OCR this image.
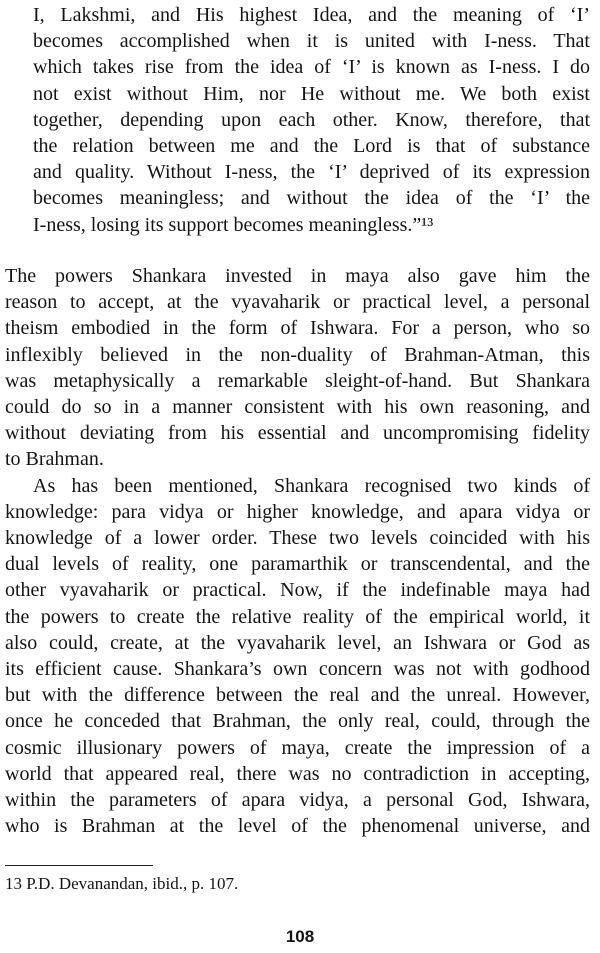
I, Lakshmi, and His highest Idea, and the meaning of ‘I’
becomes accomplished when it is united with I-ness. That
which takes rise from the idea of ‘I’ is known as I-ness. I do
not exist without Him, nor He without me. We both exist
together, depending upon each other. Know, therefore, that
the relation between me and the Lord is that of substance
and quality. Without I-ness, the ‘I’ deprived of its expression
becomes meaningless; and without the idea of the ‘I’ the
I-ness, losing its support becomes meaningless.”¹³
The powers Shankara invested in maya also gave him the
reason to accept, at the vyavaharik or practical level, a personal
theism embodied in the form of Ishwara. For a person, who so
inflexibly believed in the non-duality of Brahman-Atman, this
was metaphysically a remarkable sleight-of-hand. But Shankara
could do so in a manner consistent with his own reasoning, and
without deviating from his essential and uncompromising fidelity
to Brahman.
As has been mentioned, Shankara recognised two kinds of
knowledge: para vidya or higher knowledge, and apara vidya or
knowledge of a lower order. These two levels coincided with his
dual levels of reality, one paramarthik or transcendental, and the
other vyavaharik or practical. Now, if the indefinable maya had
the powers to create the relative reality of the empirical world, it
also could, create, at the vyavaharik level, an Ishwara or God as
its efficient cause. Shankara’s own concern was not with godhood
but with the difference between the real and the unreal. However,
once he conceded that Brahman, the only real, could, through the
cosmic illusionary powers of maya, create the impression of a
world that appeared real, there was no contradiction in accepting,
within the parameters of apara vidya, a personal God, Ishwara,
who is Brahman at the level of the phenomenal universe, and
13 P.D. Devanandan, ibid., p. 107.
108
